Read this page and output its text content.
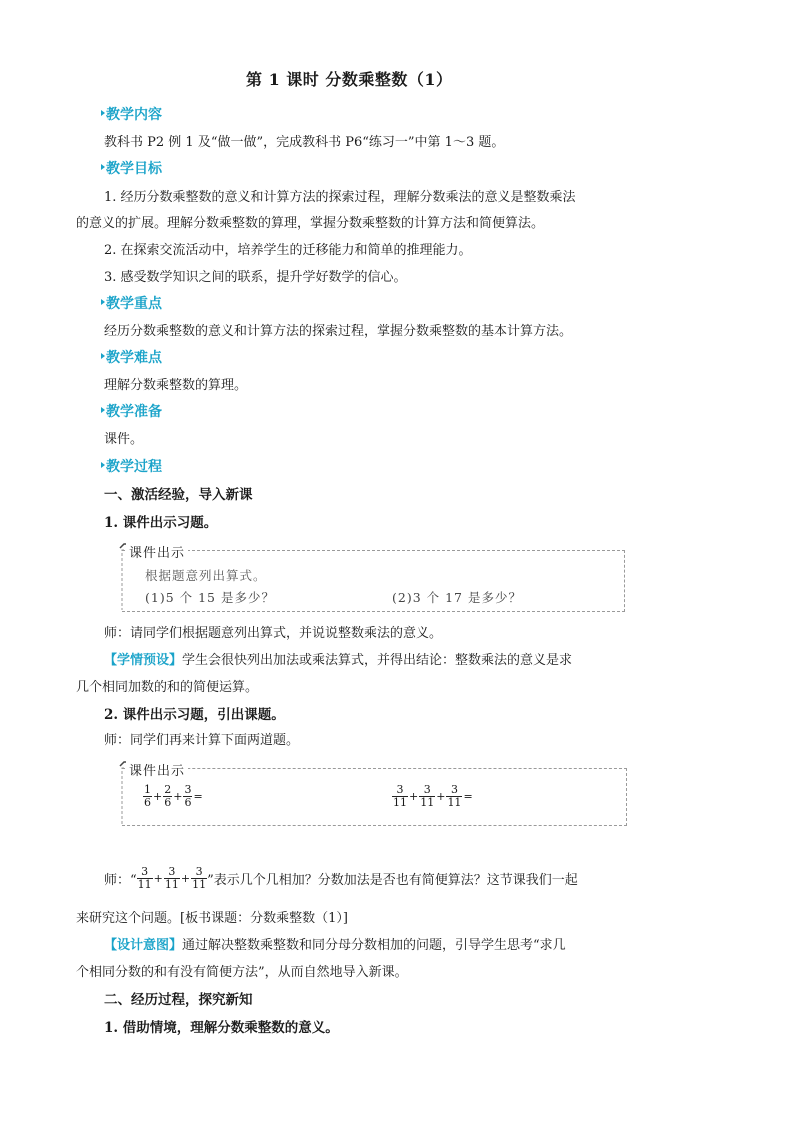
第 1 课时 分数乘整数（1）
教学内容
教科书 P2 例 1 及“做一做”，完成教科书 P6“练习一”中第 1～3 题。
教学目标
1. 经历分数乘整数的意义和计算方法的探索过程，理解分数乘法的意义是整数乘法
的意义的扩展。理解分数乘整数的算理，掌握分数乘整数的计算方法和简便算法。
2. 在探索交流活动中，培养学生的迁移能力和简单的推理能力。
3. 感受数学知识之间的联系，提升学好数学的信心。
教学重点
经历分数乘整数的意义和计算方法的探索过程，掌握分数乘整数的基本计算方法。
教学难点
理解分数乘整数的算理。
教学准备
课件。
教学过程
一、激活经验，导入新课
1. 课件出示习题。
课件出示
根据题意列出算式。
(1)5 个 15 是多少？	(2)3 个 17 是多少？
师：请同学们根据题意列出算式，并说说整数乘法的意义。
【学情预设】学生会很快列出加法或乘法算式，并得出结论：整数乘法的意义是求
几个相同加数的和的简便运算。
2. 课件出示习题，引出课题。
师：同学们再来计算下面两道题。
课件出示
$\frac{1}{6} + \frac{2}{6} + \frac{3}{6}$ =	$\frac{3}{11} + \frac{3}{11} + \frac{3}{11}$ =
师：“ $\frac{3}{11} + \frac{3}{11} + \frac{3}{11}$ ”表示几个几相加？分数加法是否也有简便算法？这节课我们一起
来研究这个问题。[板书课题：分数乘整数（1）]
【设计意图】通过解决整数乘整数和同分母分数相加的问题，引导学生思考“求几
个相同分数的和有没有简便方法”，从而自然地导入新课。
二、经历过程，探究新知
1. 借助情境，理解分数乘整数的意义。
